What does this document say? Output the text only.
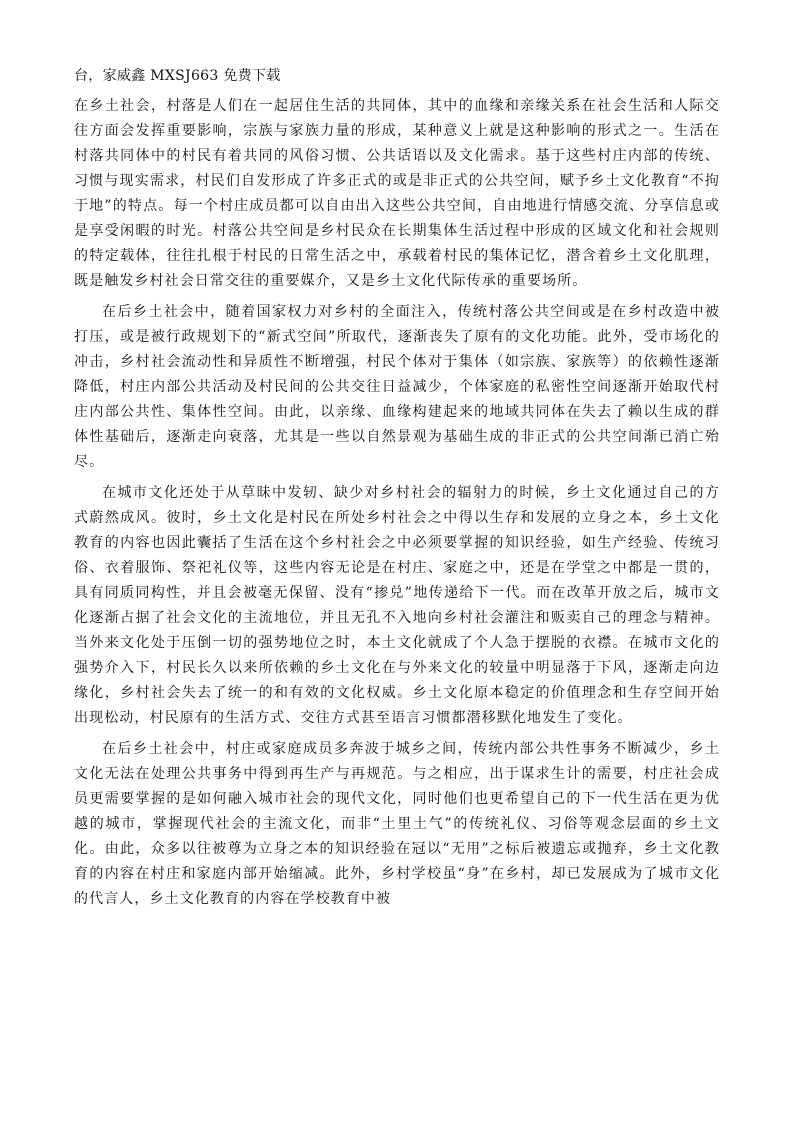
台，家威鑫 MXSJ663 免费下载

在乡土社会，村落是人们在一起居住生活的共同体，其中的血缘和亲缘关系在社会生活和人际交往方面会发挥重要影响，宗族与家族力量的形成，某种意义上就是这种影响的形式之一。生活在村落共同体中的村民有着共同的风俗习惯、公共话语以及文化需求。基于这些村庄内部的传统、习惯与现实需求，村民们自发形成了许多正式的或是非正式的公共空间，赋予乡土文化教育“不拘于地”的特点。每一个村庄成员都可以自由出入这些公共空间，自由地进行情感交流、分享信息或是享受闲暇的时光。村落公共空间是乡村民众在长期集体生活过程中形成的区域文化和社会规则的特定载体，往往扎根于村民的日常生活之中，承载着村民的集体记忆，潜含着乡土文化肌理，既是触发乡村社会日常交往的重要媒介，又是乡土文化代际传承的重要场所。

在后乡土社会中，随着国家权力对乡村的全面注入，传统村落公共空间或是在乡村改造中被打压，或是被行政规划下的“新式空间”所取代，逐渐丧失了原有的文化功能。此外，受市场化的冲击，乡村社会流动性和异质性不断增强，村民个体对于集体（如宗族、家族等）的依赖性逐渐降低，村庄内部公共活动及村民间的公共交往日益减少，个体家庭的私密性空间逐渐开始取代村庄内部公共性、集体性空间。由此，以亲缘、血缘构建起来的地域共同体在失去了赖以生成的群体性基础后，逐渐走向衰落，尤其是一些以自然景观为基础生成的非正式的公共空间渐已消亡殆尽。

在城市文化还处于从草昧中发轫、缺少对乡村社会的辐射力的时候，乡土文化通过自己的方式蔚然成风。彼时，乡土文化是村民在所处乡村社会之中得以生存和发展的立身之本，乡土文化教育的内容也因此囊括了生活在这个乡村社会之中必须要掌握的知识经验，如生产经验、传统习俗、衣着服饰、祭祀礼仪等，这些内容无论是在村庄、家庭之中，还是在学堂之中都是一贯的，具有同质同构性，并且会被毫无保留、没有“掺兑”地传递给下一代。而在改革开放之后，城市文化逐渐占据了社会文化的主流地位，并且无孔不入地向乡村社会灌注和贩卖自己的理念与精神。当外来文化处于压倒一切的强势地位之时，本土文化就成了个人急于摆脱的衣襟。在城市文化的强势介入下，村民长久以来所依赖的乡土文化在与外来文化的较量中明显落于下风，逐渐走向边缘化，乡村社会失去了统一的和有效的文化权威。乡土文化原本稳定的价值理念和生存空间开始出现松动，村民原有的生活方式、交往方式甚至语言习惯都潜移默化地发生了变化。

在后乡土社会中，村庄或家庭成员多奔波于城乡之间，传统内部公共性事务不断减少，乡土文化无法在处理公共事务中得到再生产与再规范。与之相应，出于谋求生计的需要，村庄社会成员更需要掌握的是如何融入城市社会的现代文化，同时他们也更希望自己的下一代生活在更为优越的城市，掌握现代社会的主流文化，而非“土里土气”的传统礼仪、习俗等观念层面的乡土文化。由此，众多以往被尊为立身之本的知识经验在冠以“无用”之标后被遗忘或抛弃，乡土文化教育的内容在村庄和家庭内部开始缩减。此外，乡村学校虽“身”在乡村，却已发展成为了城市文化的代言人，乡土文化教育的内容在学校教育中被
